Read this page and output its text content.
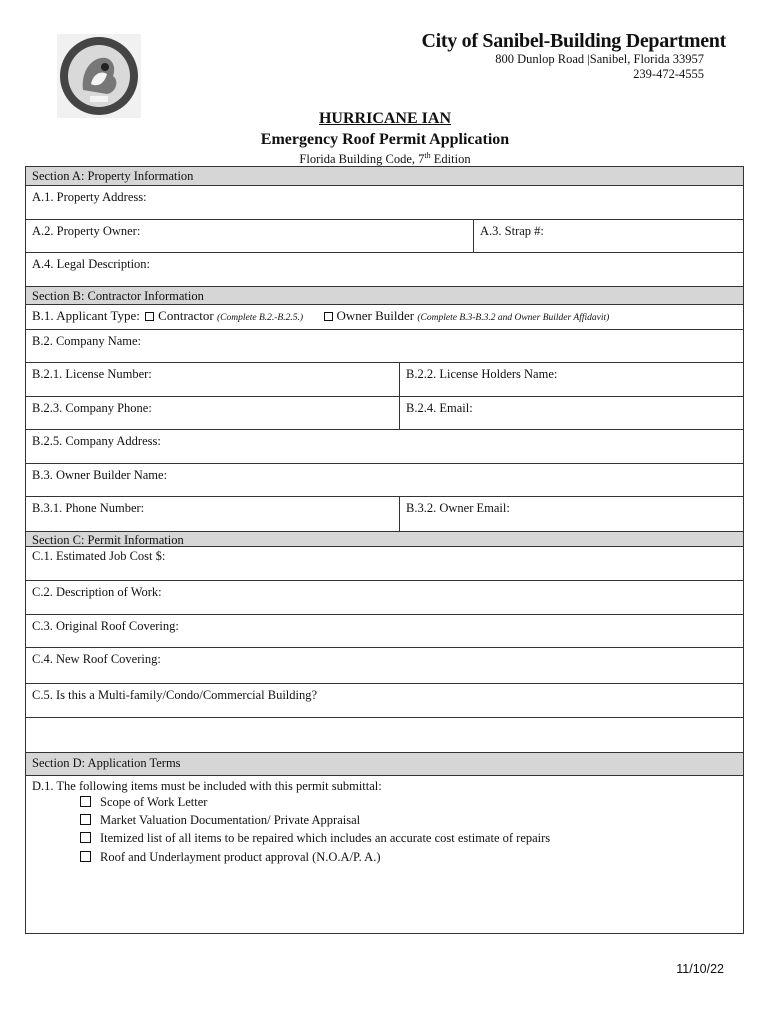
City of Sanibel-Building Department
800 Dunlop Road |Sanibel, Florida 33957
239-472-4555
HURRICANE IAN
Emergency Roof Permit Application
Florida Building Code, 7th Edition
Section A: Property Information
A.1. Property Address:
A.2. Property Owner:	A.3. Strap #:
A.4. Legal Description:
Section B: Contractor Information
B.1. Applicant Type: Contractor (Complete B.2.-B.2.5.)	Owner Builder (Complete B.3-B.3.2 and Owner Builder Affidavit)
B.2. Company Name:
B.2.1. License Number:	B.2.2. License Holders Name:
B.2.3. Company Phone:	B.2.4. Email:
B.2.5. Company Address:
B.3. Owner Builder Name:
B.3.1. Phone Number:	B.3.2. Owner Email:
Section C: Permit Information
C.1. Estimated Job Cost $:
C.2. Description of Work:
C.3. Original Roof Covering:
C.4. New Roof Covering:
C.5. Is this a Multi-family/Condo/Commercial Building?
Section D: Application Terms
D.1. The following items must be included with this permit submittal:
Scope of Work Letter
Market Valuation Documentation/ Private Appraisal
Itemized list of all items to be repaired which includes an accurate cost estimate of repairs
Roof and Underlayment product approval (N.O.A/P. A.)
11/10/22
